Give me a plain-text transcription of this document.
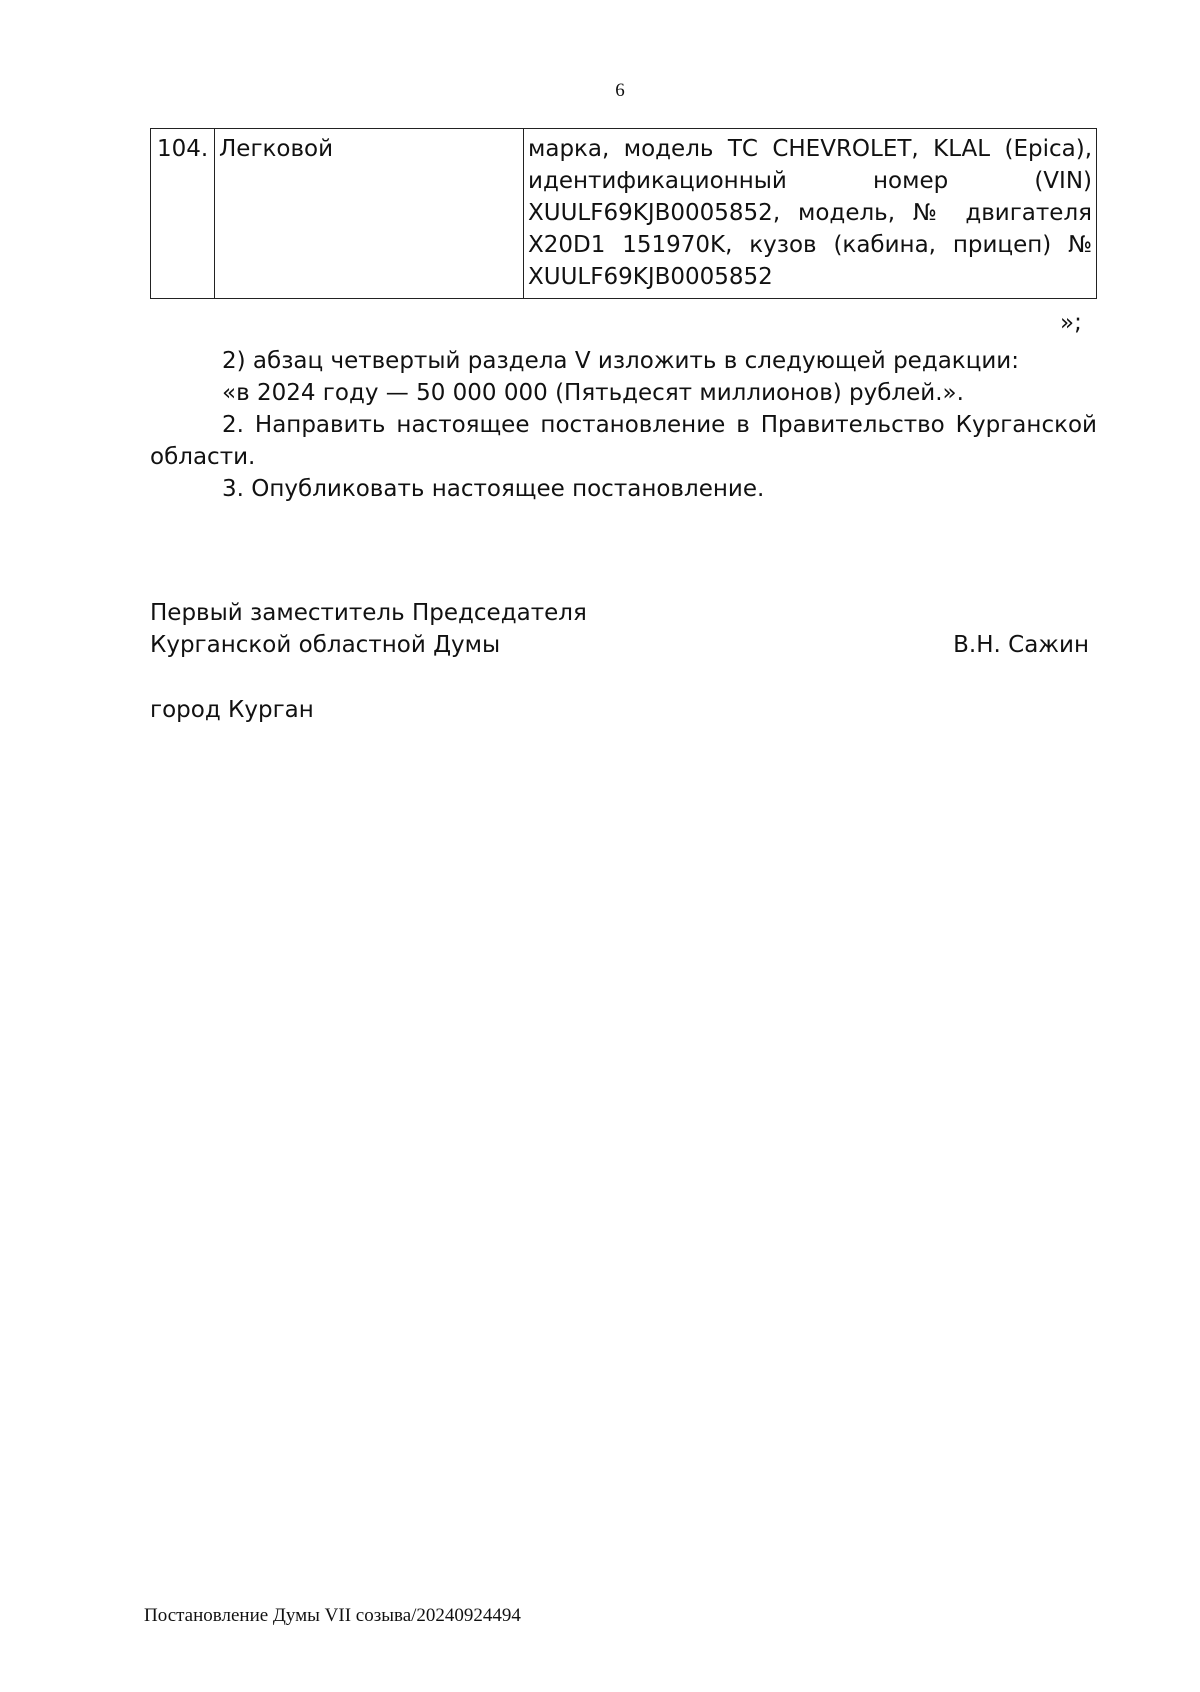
6
104.	Легковой	марка, модель ТС CHEVROLET, KLAL (Epica), идентификационный номер (VIN) XUULF69KJB0005852, модель, № двигателя X20D1 151970K, кузов (кабина, прицеп) № XUULF69KJB0005852
»;

2) абзац четвертый раздела V изложить в следующей редакции:

«в 2024 году — 50 000 000 (Пятьдесят миллионов) рублей.».

2. Направить настоящее постановление в Правительство Курганской области.

3. Опубликовать настоящее постановление.

Первый заместитель Председателя
Курганской областной Думы	В.Н. Сажин
город Курган
Постановление Думы VII созыва/20240924494
